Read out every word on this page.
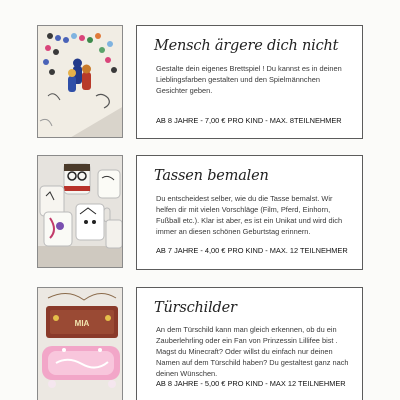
Mensch ärgere dich nicht
Gestalte dein eigenes Brettspiel ! Du kannst es in deinen Lieblingsfarben gestalten und den Spielmännchen Gesichter geben.
AB 8 JAHRE - 7,00 € PRO KIND - MAX. 8TEILNEHMER
Tassen bemalen
Du entscheidest selber, wie du die Tasse bemalst. Wir helfen dir mit vielen Vorschläge (Film, Pferd, Einhorn, Fußball etc.). Klar ist aber, es ist ein Unikat und wird dich immer an diesen schönen Geburtstag erinnern.
AB 7 JAHRE - 4,00 € PRO KIND - MAX. 12 TEILNEHMER
MIA
Türschilder
An dem Türschild kann man gleich erkennen, ob du ein Zauberlehrling oder ein Fan von Prinzessin Lillifee bist . Magst du Minecraft? Oder willst du einfach nur deinen Namen auf dem Türschild haben? Du gestaltest ganz nach deinen Wünschen.
AB 8 JAHRE - 5,00 € PRO KIND - MAX 12 TEILNEHMER
